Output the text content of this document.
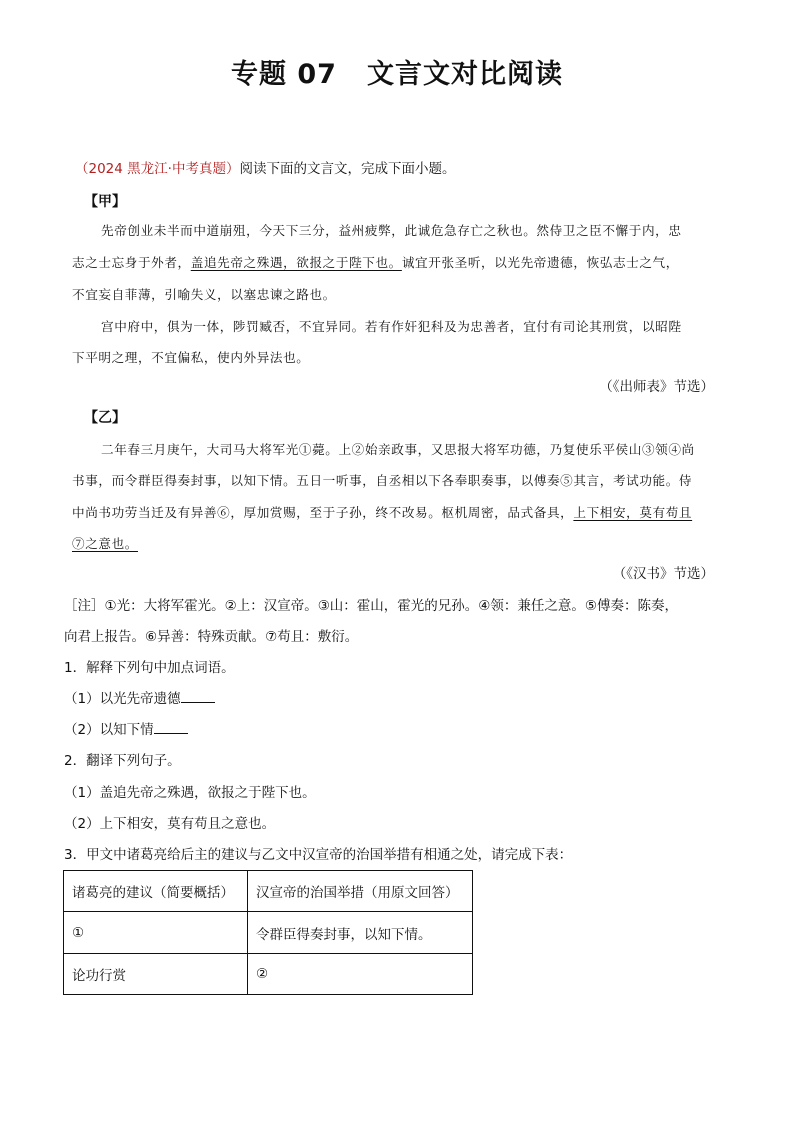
专题 07 文言文对比阅读
（2024 黑龙江·中考真题）阅读下面的文言文，完成下面小题。
【甲】
先帝创业未半而中道崩殂，今天下三分，益州疲弊，此诚危急存亡之秋也。然侍卫之臣不懈于内，忠
志之士忘身于外者，盖追先帝之殊遇，欲报之于陛下也。诚宜开张圣听，以光先帝遗德，恢弘志士之气，
不宜妄自菲薄，引喻失义，以塞忠谏之路也。
宫中府中，俱为一体，陟罚臧否，不宜异同。若有作奸犯科及为忠善者，宜付有司论其刑赏，以昭陛
下平明之理，不宜偏私，使内外异法也。
（《出师表》节选）
【乙】
二年春三月庚午，大司马大将军光①薨。上②始亲政事，又思报大将军功德，乃复使乐平侯山③领④尚
书事，而令群臣得奏封事，以知下情。五日一听事，自丞相以下各奉职奏事，以傅奏⑤其言，考试功能。侍
中尚书功劳当迁及有异善⑥，厚加赏赐，至于子孙，终不改易。枢机周密，品式备具，上下相安，莫有苟且
⑦之意也。
（《汉书》节选）
［注］①光：大将军霍光。②上：汉宣帝。③山：霍山，霍光的兄孙。④领：兼任之意。⑤傅奏：陈奏，
向君上报告。⑥异善：特殊贡献。⑦苟且：敷衍。
1．解释下列句中加点词语。
（1）以光先帝遗德
（2）以知下情
2．翻译下列句子。
（1）盖追先帝之殊遇，欲报之于陛下也。
（2）上下相安，莫有苟且之意也。
3．甲文中诸葛亮给后主的建议与乙文中汉宣帝的治国举措有相通之处，请完成下表：
诸葛亮的建议（简要概括）	汉宣帝的治国举措（用原文回答）
①	令群臣得奏封事，以知下情。
论功行赏	②
